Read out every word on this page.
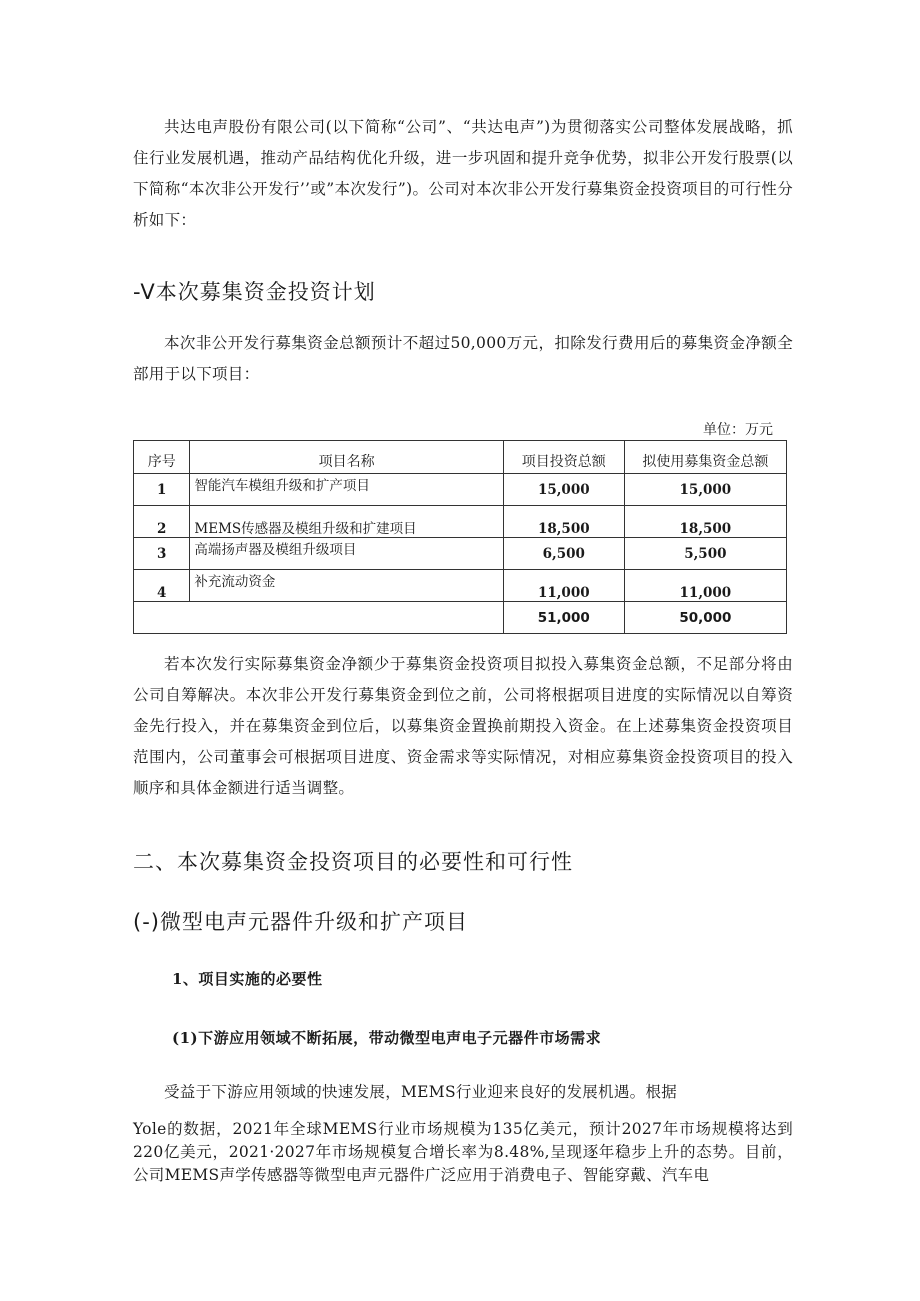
共达电声股份有限公司(以下简称“公司”、“共达电声”)为贯彻落实公司整体发展战略，抓住行业发展机遇，推动产品结构优化升级，进一步巩固和提升竞争优势，拟非公开发行股票(以下简称“本次非公开发行’’或”本次发行”)。公司对本次非公开发行募集资金投资项目的可行性分析如下：

-V本次募集资金投资计划

本次非公开发行募集资金总额预计不超过50,000万元，扣除发行费用后的募集资金净额全部用于以下项目：

单位：万元
序号	项目名称	项目投资总额	拟使用募集资金总额
1	智能汽车模组升级和扩产项目	15,000	15,000
2	MEMS传感器及模组升级和扩建项目	18,500	18,500
3	高端扬声器及模组升级项目	6,500	5,500
4	补充流动资金	11,000	11,000
		51,000	50,000

若本次发行实际募集资金净额少于募集资金投资项目拟投入募集资金总额，不足部分将由公司自筹解决。本次非公开发行募集资金到位之前，公司将根据项目进度的实际情况以自筹资金先行投入，并在募集资金到位后，以募集资金置换前期投入资金。在上述募集资金投资项目范围内，公司董事会可根据项目进度、资金需求等实际情况，对相应募集资金投资项目的投入顺序和具体金额进行适当调整。

二、本次募集资金投资项目的必要性和可行性
(-)微型电声元器件升级和扩产项目
1、项目实施的必要性
(1)下游应用领域不断拓展，带动微型电声电子元器件市场需求

受益于下游应用领域的快速发展，MEMS行业迎来良好的发展机遇。根据

Yole的数据，2021年全球MEMS行业市场规模为135亿美元，预计2027年市场规模将达到220亿美元，2021·2027年市场规模复合增长率为8.48%,呈现逐年稳步上升的态势。目前，公司MEMS声学传感器等微型电声元器件广泛应用于消费电子、智能穿戴、汽车电
